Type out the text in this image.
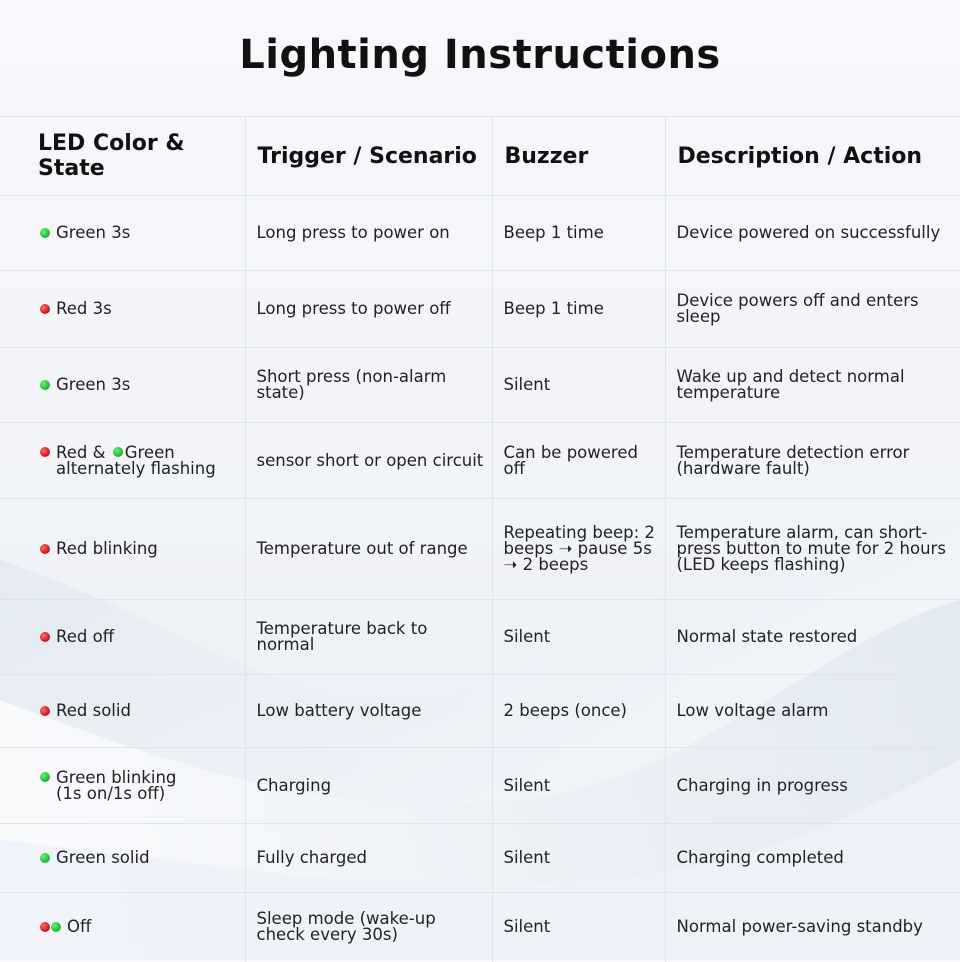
Lighting Instructions
LED Color & State	Trigger / Scenario	Buzzer	Description / Action
Green 3s	Long press to power on	Beep 1 time	Device powered on successfully
Red 3s	Long press to power off	Beep 1 time	Device powers off and enters sleep
Green 3s	Short press (non-alarm state)	Silent	Wake up and detect normal temperature
Red & Green
alternately flashing	sensor short or open circuit	Can be powered off	Temperature detection error (hardware fault)
Red blinking	Temperature out of range	Repeating beep: 2 beeps ➝ pause 5s ➝ 2 beeps	Temperature alarm, can short-press button to mute for 2 hours (LED keeps flashing)
Red off	Temperature back to normal	Silent	Normal state restored
Red solid	Low battery voltage	2 beeps (once)	Low voltage alarm
Green blinking
(1s on/1s off)	Charging	Silent	Charging in progress
Green solid	Fully charged	Silent	Charging completed
Off	Sleep mode (wake-up check every 30s)	Silent	Normal power-saving standby
